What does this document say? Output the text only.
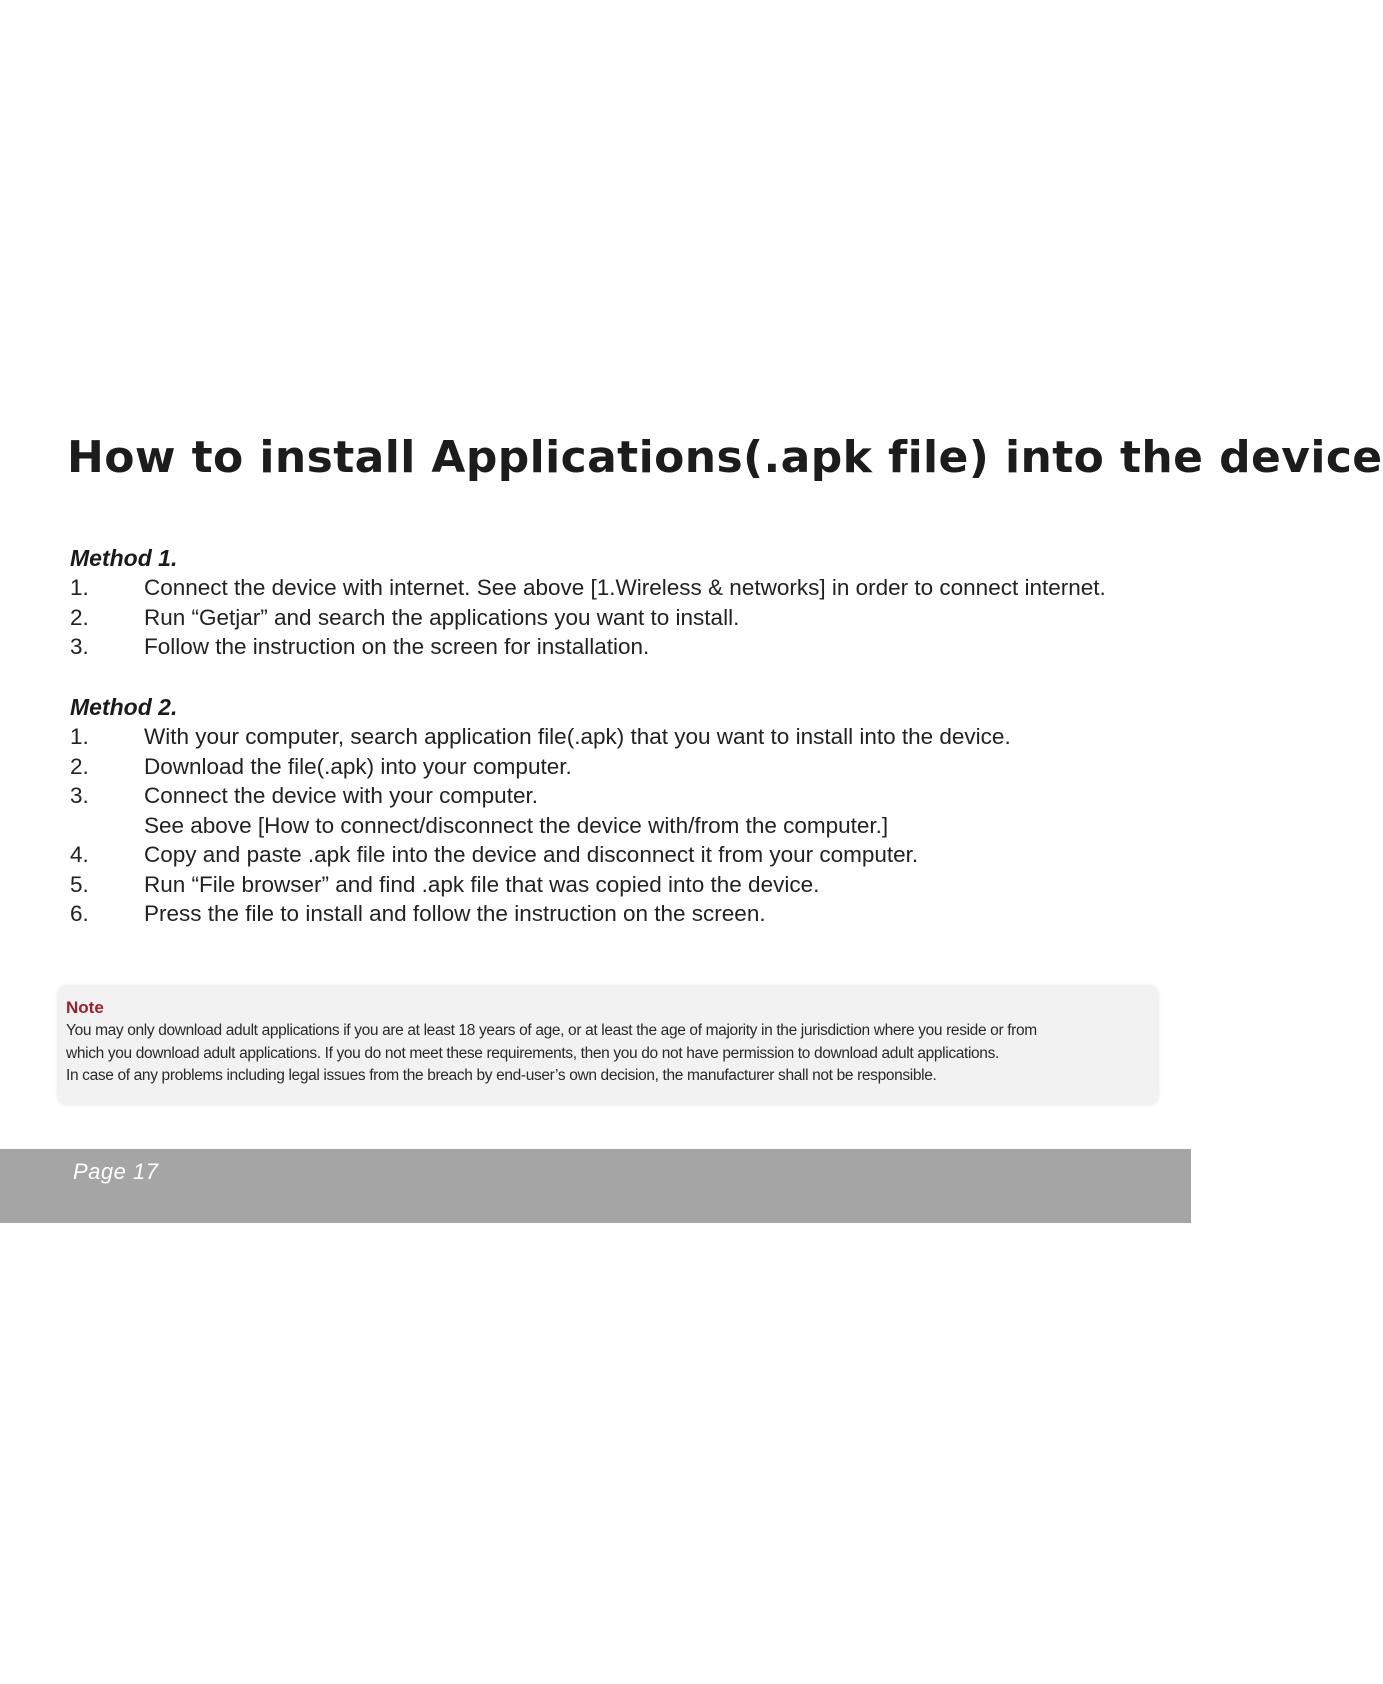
How to install Applications(.apk file) into the device
Method 1.
1.	Connect the device with internet. See above [1.Wireless & networks] in order to connect internet.
2.	Run “Getjar” and search the applications you want to install.
3.	Follow the instruction on the screen for installation.
Method 2.
1.	With your computer, search application file(.apk) that you want to install into the device.
2.	Download the file(.apk) into your computer.
3.	Connect the device with your computer.
See above [How to connect/disconnect the device with/from the computer.]
4.	Copy and paste .apk file into the device and disconnect it from your computer.
5.	Run “File browser” and find .apk file that was copied into the device.
6.	Press the file to install and follow the instruction on the screen.
Note
You may only download adult applications if you are at least 18 years of age, or at least the age of majority in the jurisdiction where you reside or from
which you download adult applications. If you do not meet these requirements, then you do not have permission to download adult applications.
In case of any problems including legal issues from the breach by end-user’s own decision, the manufacturer shall not be responsible.
Page 17
